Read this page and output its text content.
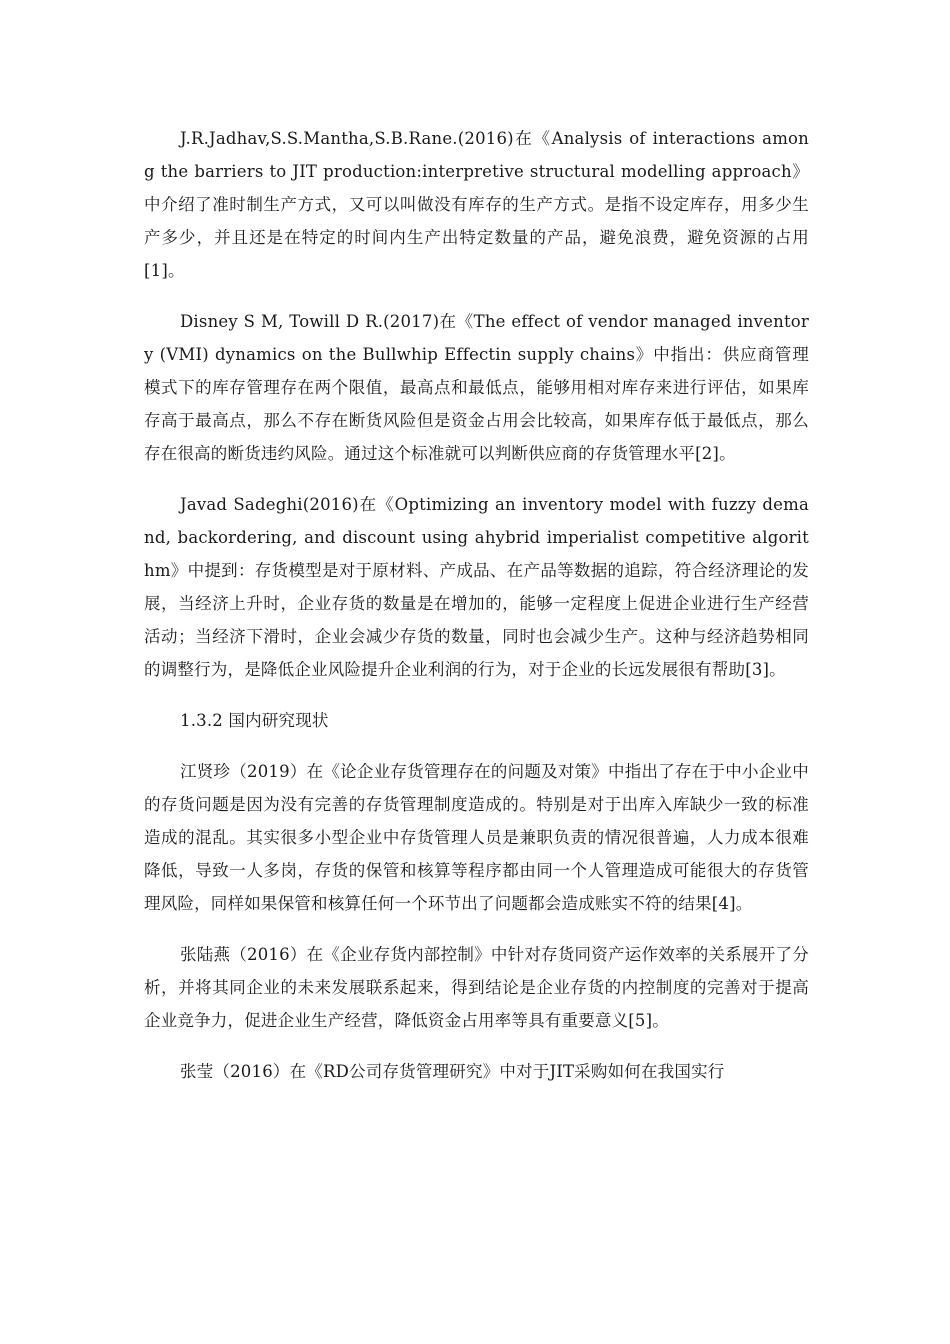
J.R.Jadhav,S.S.Mantha,S.B.Rane.(2016)在《Analysis of interactions among the barriers to JIT production:interpretive structural modelling approach》中介绍了准时制生产方式，又可以叫做没有库存的生产方式。是指不设定库存，用多少生产多少，并且还是在特定的时间内生产出特定数量的产品，避免浪费，避免资源的占用[1]。

Disney S M, Towill D R.(2017)在《The effect of vendor managed inventory (VMI) dynamics on the Bullwhip Effectin supply chains》中指出：供应商管理模式下的库存管理存在两个限值，最高点和最低点，能够用相对库存来进行评估，如果库存高于最高点，那么不存在断货风险但是资金占用会比较高，如果库存低于最低点，那么存在很高的断货违约风险。通过这个标准就可以判断供应商的存货管理水平[2]。

Javad Sadeghi(2016)在《Optimizing an inventory model with fuzzy demand, backordering, and discount using ahybrid imperialist competitive algorithm》中提到：存货模型是对于原材料、产成品、在产品等数据的追踪，符合经济理论的发展，当经济上升时，企业存货的数量是在增加的，能够一定程度上促进企业进行生产经营活动；当经济下滑时，企业会减少存货的数量，同时也会减少生产。这种与经济趋势相同的调整行为，是降低企业风险提升企业利润的行为，对于企业的长远发展很有帮助[3]。

1.3.2 国内研究现状

江贤珍（2019）在《论企业存货管理存在的问题及对策》中指出了存在于中小企业中的存货问题是因为没有完善的存货管理制度造成的。特别是对于出库入库缺少一致的标准造成的混乱。其实很多小型企业中存货管理人员是兼职负责的情况很普遍，人力成本很难降低，导致一人多岗，存货的保管和核算等程序都由同一个人管理造成可能很大的存货管理风险，同样如果保管和核算任何一个环节出了问题都会造成账实不符的结果[4]。

张陆燕（2016）在《企业存货内部控制》中针对存货同资产运作效率的关系展开了分析，并将其同企业的未来发展联系起来，得到结论是企业存货的内控制度的完善对于提高企业竞争力，促进企业生产经营，降低资金占用率等具有重要意义[5]。

张莹（2016）在《RD公司存货管理研究》中对于JIT采购如何在我国实行
